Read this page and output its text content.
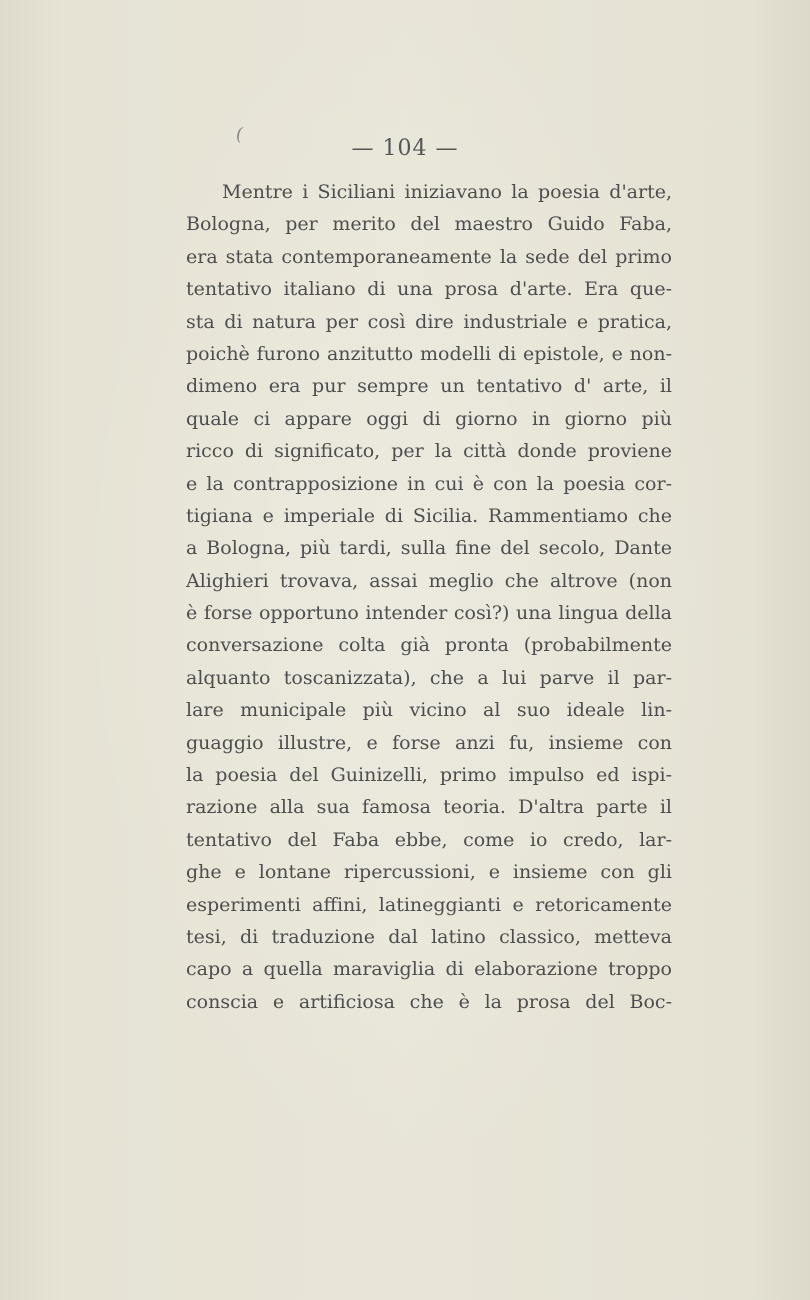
(
— 104 —
Mentre i Siciliani iniziavano la poesia d'arte,
Bologna, per merito del maestro Guido Faba,
era stata contemporaneamente la sede del primo
tentativo italiano di una prosa d'arte. Era que-
sta di natura per così dire industriale e pratica,
poichè furono anzitutto modelli di epistole, e non-
dimeno era pur sempre un tentativo d' arte, il
quale ci appare oggi di giorno in giorno più
ricco di significato, per la città donde proviene
e la contrapposizione in cui è con la poesia cor-
tigiana e imperiale di Sicilia. Rammentiamo che
a Bologna, più tardi, sulla fine del secolo, Dante
Alighieri trovava, assai meglio che altrove (non
è forse opportuno intender così?) una lingua della
conversazione colta già pronta (probabilmente
alquanto toscanizzata), che a lui parve il par-
lare municipale più vicino al suo ideale lin-
guaggio illustre, e forse anzi fu, insieme con
la poesia del Guinizelli, primo impulso ed ispi-
razione alla sua famosa teoria. D'altra parte il
tentativo del Faba ebbe, come io credo, lar-
ghe e lontane ripercussioni, e insieme con gli
esperimenti affini, latineggianti e retoricamente
tesi, di traduzione dal latino classico, metteva
capo a quella maraviglia di elaborazione troppo
conscia e artificiosa che è la prosa del Boc-
